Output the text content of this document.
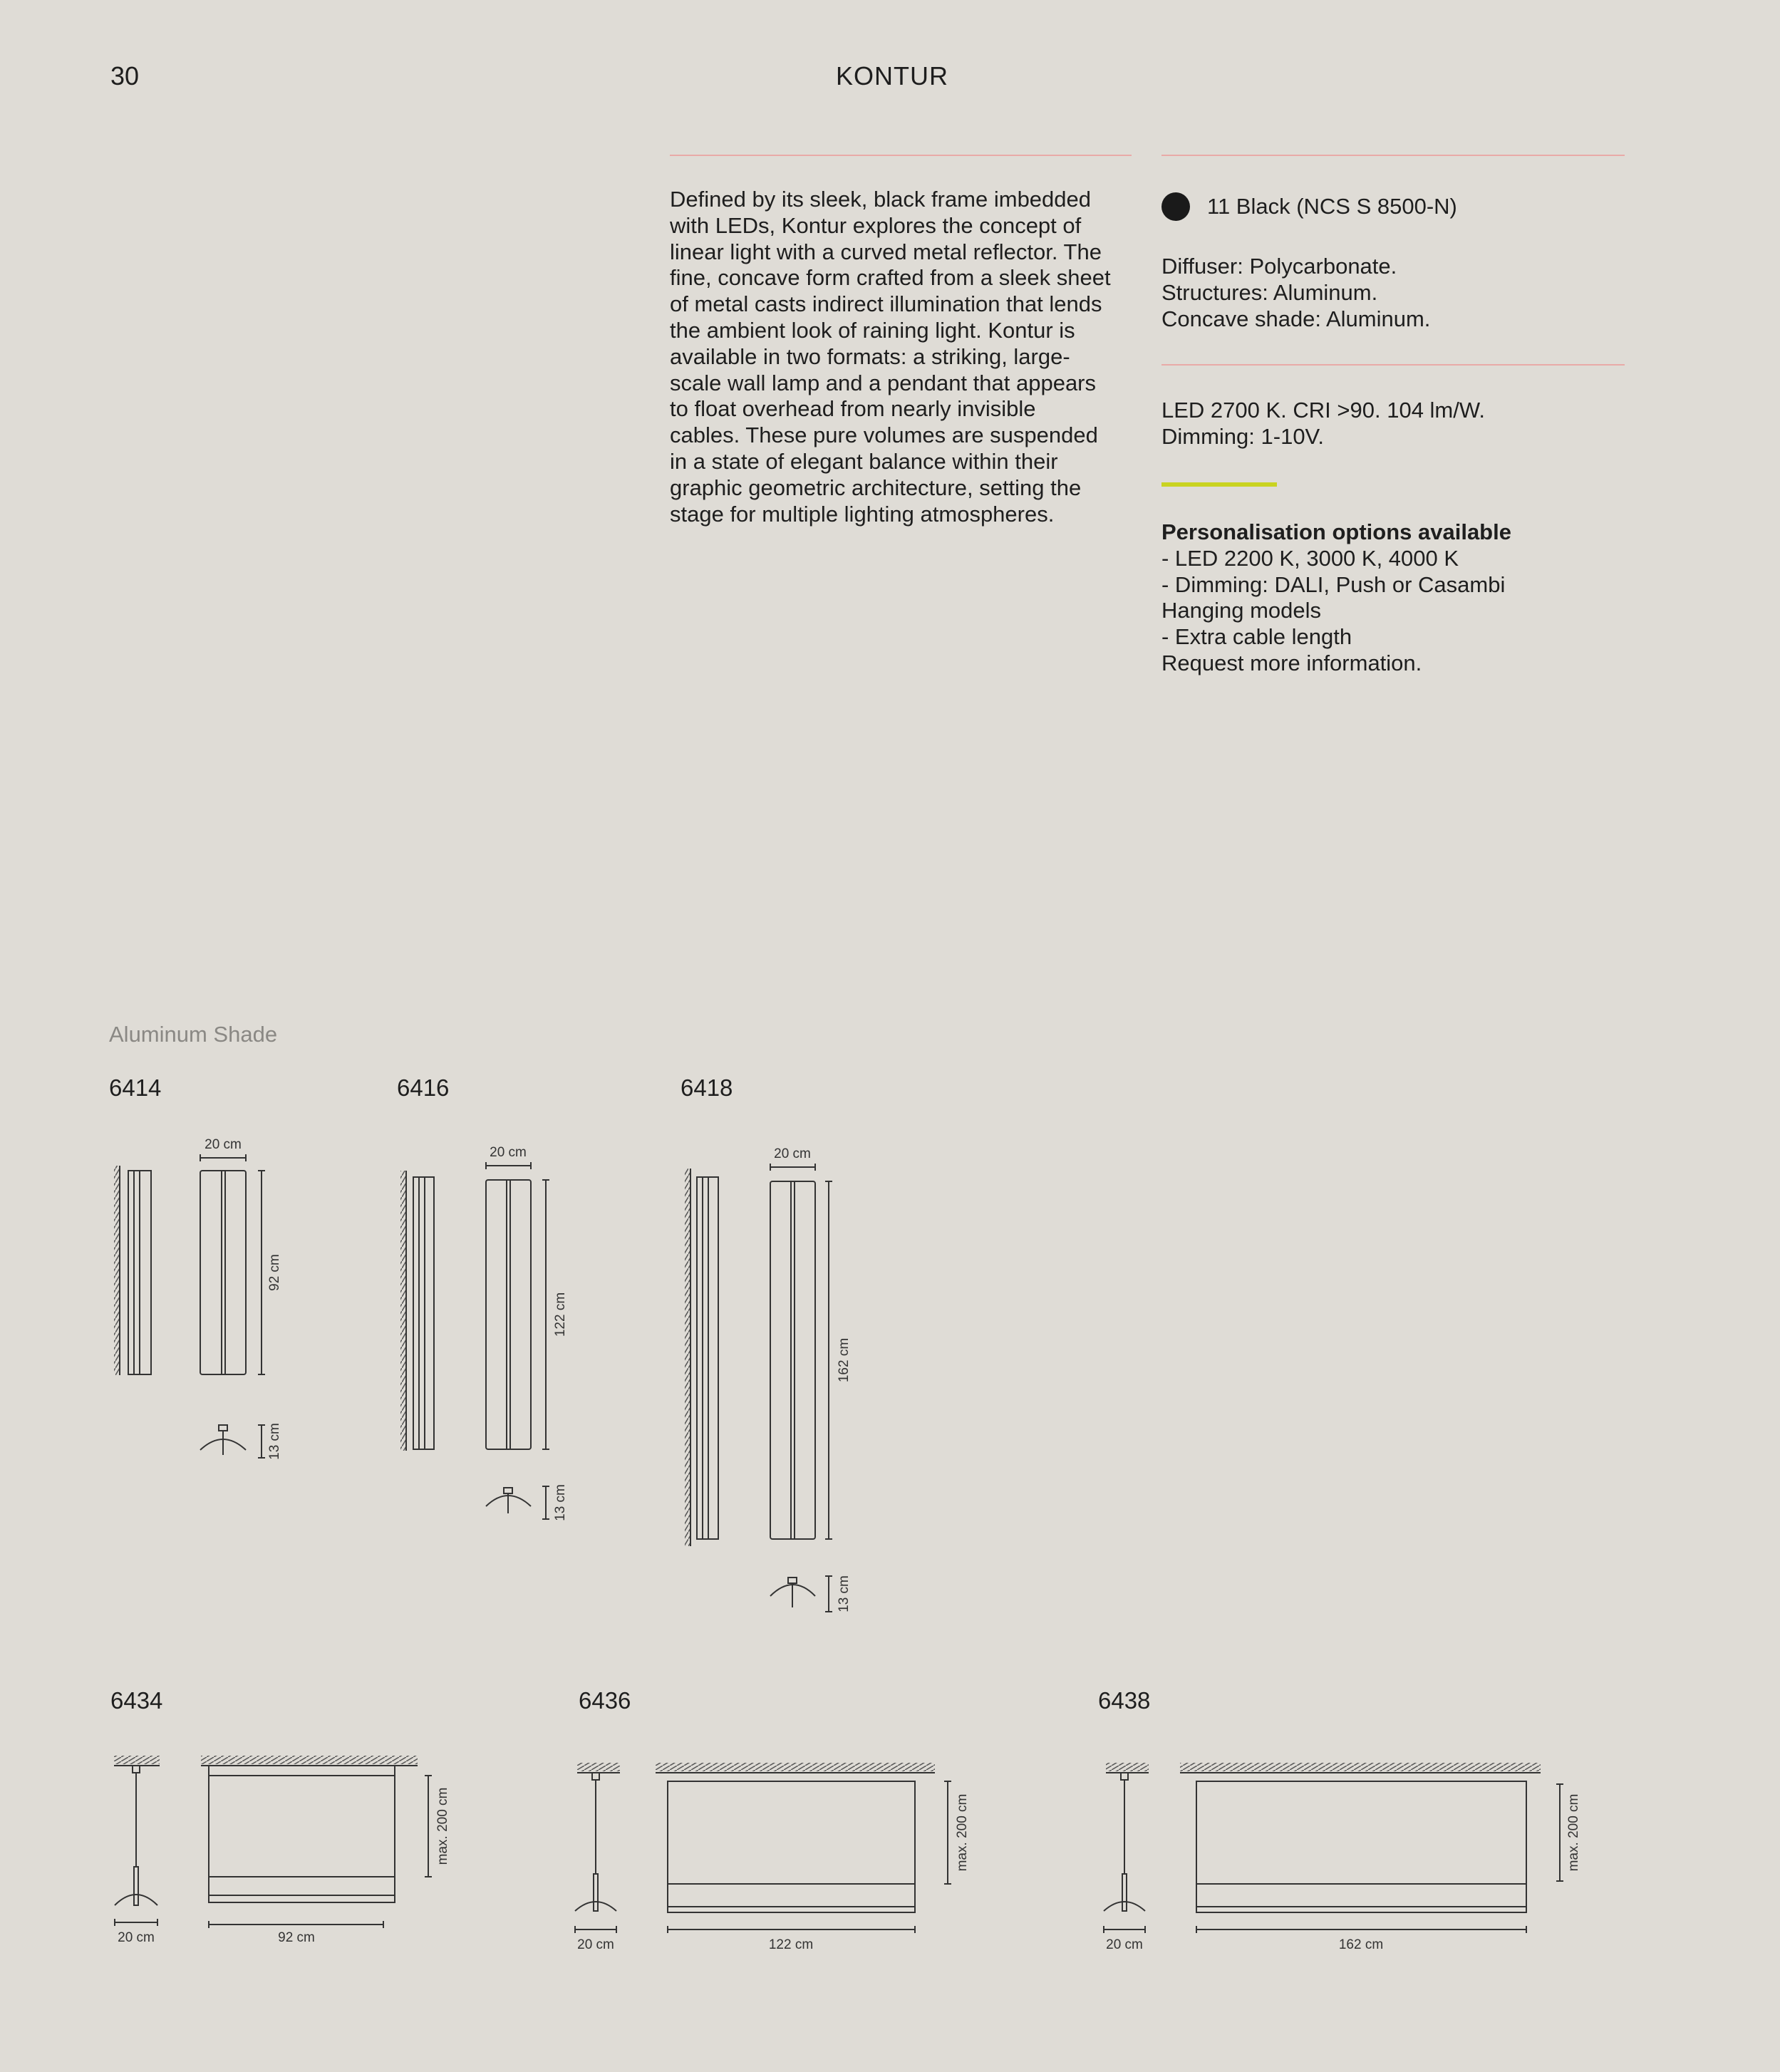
30	KONTUR
Defined by its sleek, black frame imbedded with LEDs, Kontur explores the concept of linear light with a curved metal reflector. The fine, concave form crafted from a sleek sheet of metal casts indirect illumination that lends the ambient look of raining light. Kontur is available in two formats: a striking, large-scale wall lamp and a pendant that appears to float overhead from nearly invisible cables. These pure volumes are suspended in a state of elegant balance within their graphic geometric architecture, setting the stage for multiple lighting atmospheres.
11 Black (NCS S 8500-N)
Diffuser: Polycarbonate.
Structures: Aluminum.
Concave shade: Aluminum.
LED 2700 K. CRI >90. 104 lm/W.
Dimming: 1-10V.
Personalisation options available
- LED 2200 K, 3000 K, 4000 K
- Dimming: DALI, Push or Casambi
Hanging models
- Extra cable length
Request more information.
Aluminum Shade
6414	6416	6418
6434	6436	6438
20 cm
92 cm
13 cm
20 cm
122 cm
13 cm
20 cm
162 cm
13 cm
20 cm	92 cm
max. 200 cm
20 cm	122 cm
max. 200 cm
20 cm	162 cm
max. 200 cm
